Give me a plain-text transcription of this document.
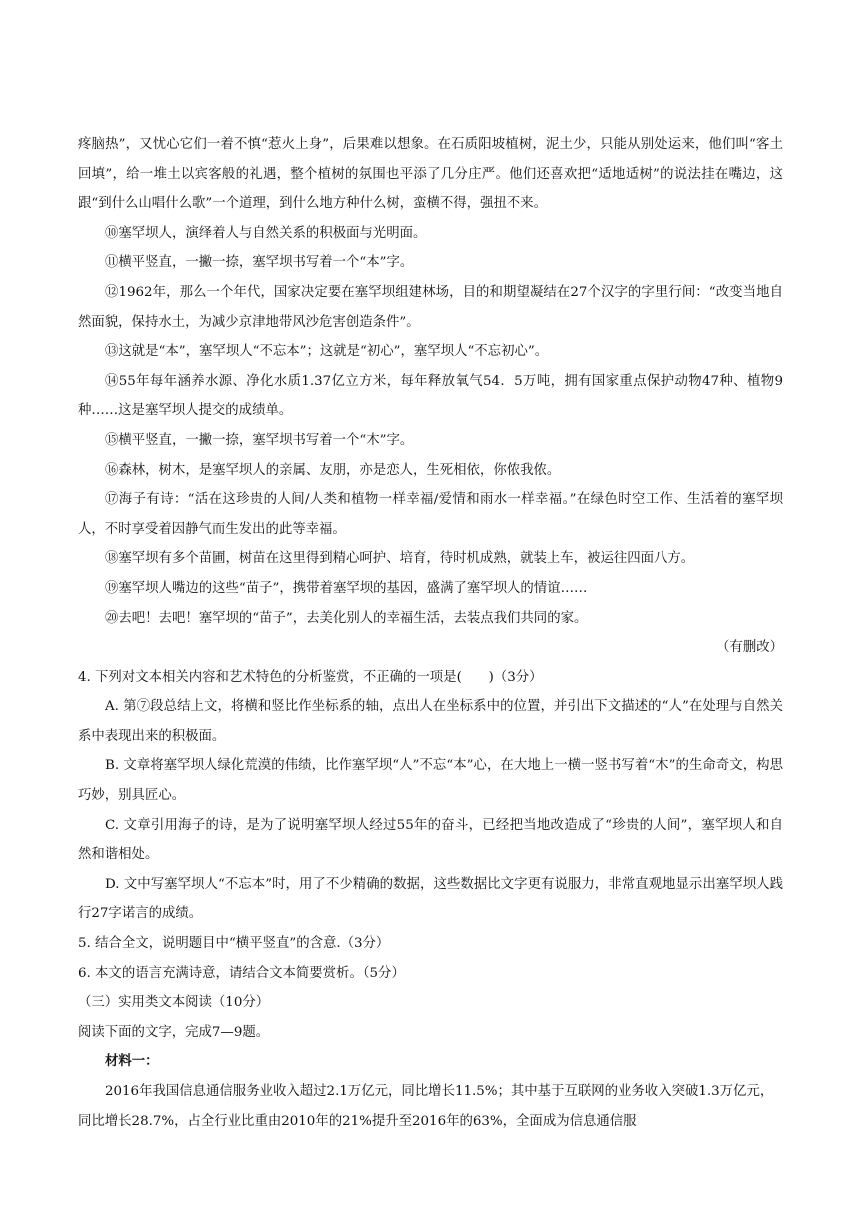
疼脑热”，又忧心它们一着不慎“惹火上身”，后果难以想象。在石质阳坡植树，泥土少，只能从别处运来，他们叫“客土回填”，给一堆土以宾客般的礼遇，整个植树的氛围也平添了几分庄严。他们还喜欢把“适地适树”的说法挂在嘴边，这跟“到什么山唱什么歌”一个道理，到什么地方种什么树，蛮横不得，强扭不来。

⑩塞罕坝人，演绎着人与自然关系的积极面与光明面。

⑪横平竖直，一撇一捺，塞罕坝书写着一个“本”字。

⑫1962年，那么一个年代，国家决定要在塞罕坝组建林场，目的和期望凝结在27个汉字的字里行间：“改变当地自然面貌，保持水土，为减少京津地带风沙危害创造条件”。

⑬这就是“本”，塞罕坝人“不忘本”；这就是“初心”，塞罕坝人“不忘初心”。

⑭55年每年涵养水源、净化水质1.37亿立方米，每年释放氧气54．5万吨，拥有国家重点保护动物47种、植物9种……这是塞罕坝人提交的成绩单。

⑮横平竖直，一撇一捺，塞罕坝书写着一个“木”字。

⑯森林，树木，是塞罕坝人的亲属、友朋，亦是恋人，生死相依，你侬我侬。

⑰海子有诗：“活在这珍贵的人间/人类和植物一样幸福/爱情和雨水一样幸福。”在绿色时空工作、生活着的塞罕坝人，不时享受着因静气而生发出的此等幸福。

⑱塞罕坝有多个苗圃，树苗在这里得到精心呵护、培育，待时机成熟，就装上车，被运往四面八方。

⑲塞罕坝人嘴边的这些“苗子”，携带着塞罕坝的基因，盛满了塞罕坝人的情谊……

⑳去吧！去吧！塞罕坝的“苗子”，去美化别人的幸福生活，去装点我们共同的家。

（有删改）

4. 下列对文本相关内容和艺术特色的分析鉴赏，不正确的一项是(　　)（3分）

A. 第⑦段总结上文，将横和竖比作坐标系的轴，点出人在坐标系中的位置，并引出下文描述的“人”在处理与自然关系中表现出来的积极面。

B. 文章将塞罕坝人绿化荒漠的伟绩，比作塞罕坝“人”不忘“本”心，在大地上一横一竖书写着“木”的生命奇文，构思巧妙，别具匠心。

C. 文章引用海子的诗，是为了说明塞罕坝人经过55年的奋斗，已经把当地改造成了“珍贵的人间”，塞罕坝人和自然和谐相处。

D. 文中写塞罕坝人“不忘本”时，用了不少精确的数据，这些数据比文字更有说服力，非常直观地显示出塞罕坝人践行27字诺言的成绩。

5. 结合全文，说明题目中“横平竖直”的含意.（3分）

6. 本文的语言充满诗意，请结合文本简要赏析。（5分）

（三）实用类文本阅读（10分）

阅读下面的文字，完成7—9题。

材料一：

2016年我国信息通信服务业收入超过2.1万亿元，同比增长11.5%；其中基于互联网的业务收入突破1.3万亿元，同比增长28.7%，占全行业比重由2010年的21%提升至2016年的63%，全面成为信息通信服
